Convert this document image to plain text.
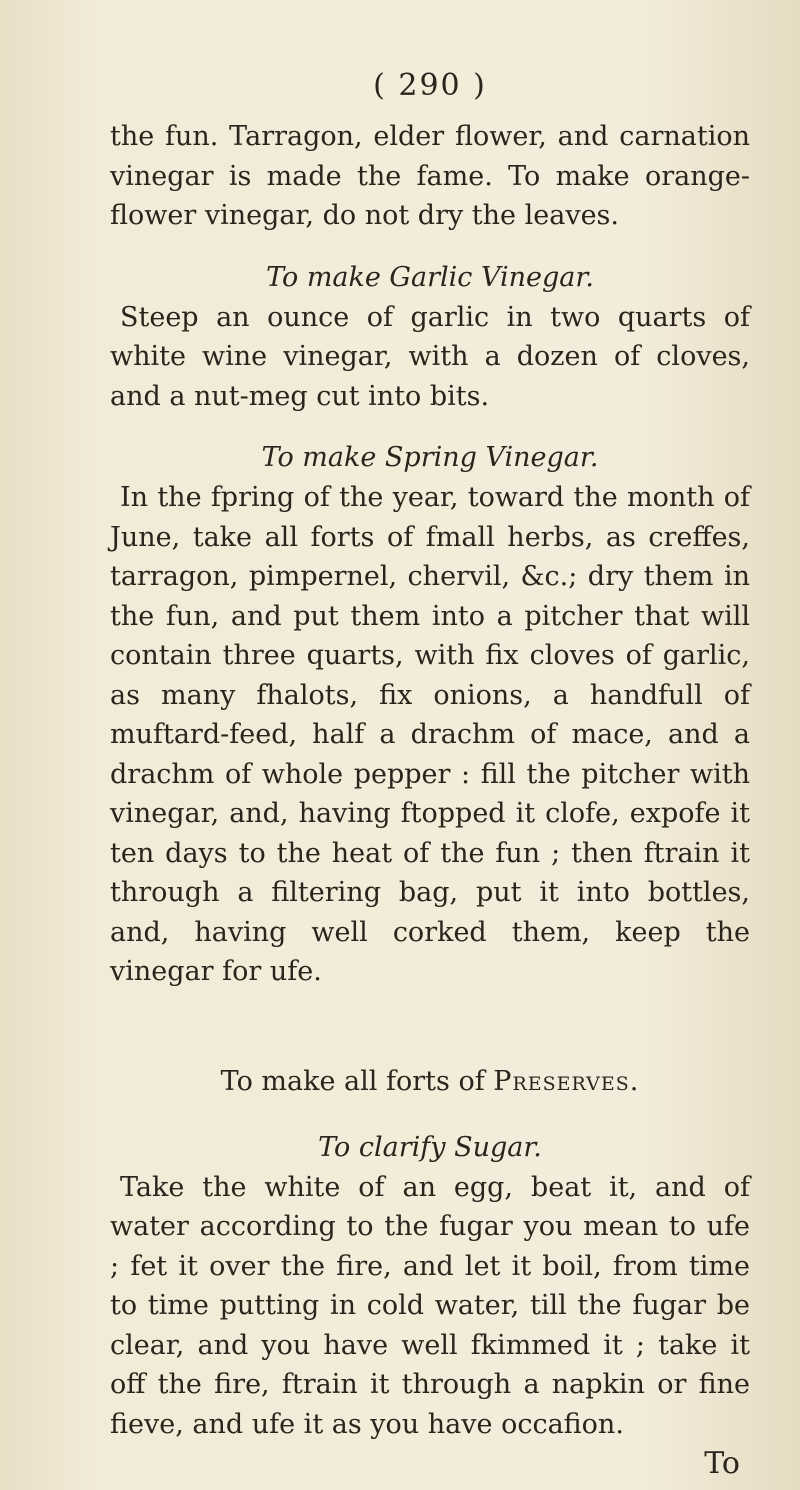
( 290 )

the fun. Tarragon, elder flower, and carnation vinegar is made the fame. To make orange-flower vinegar, do not dry the leaves.

To make Garlic Vinegar.

Steep an ounce of garlic in two quarts of white wine vinegar, with a dozen of cloves, and a nut-meg cut into bits.

To make Spring Vinegar.

In the fpring of the year, toward the month of June, take all forts of fmall herbs, as creffes, tarragon, pimpernel, chervil, &c.; dry them in the fun, and put them into a pitcher that will contain three quarts, with fix cloves of garlic, as many fhalots, fix onions, a handfull of muftard-feed, half a drachm of mace, and a drachm of whole pepper : fill the pitcher with vinegar, and, having ftopped it clofe, expofe it ten days to the heat of the fun ; then ftrain it through a filtering bag, put it into bottles, and, having well corked them, keep the vinegar for ufe.

To make all forts of Preserves.
To clarify Sugar.

Take the white of an egg, beat it, and of water according to the fugar you mean to ufe ; fet it over the fire, and let it boil, from time to time putting in cold water, till the fugar be clear, and you have well fkimmed it ; take it off the fire, ftrain it through a napkin or fine fieve, and ufe it as you have occafion.

To
